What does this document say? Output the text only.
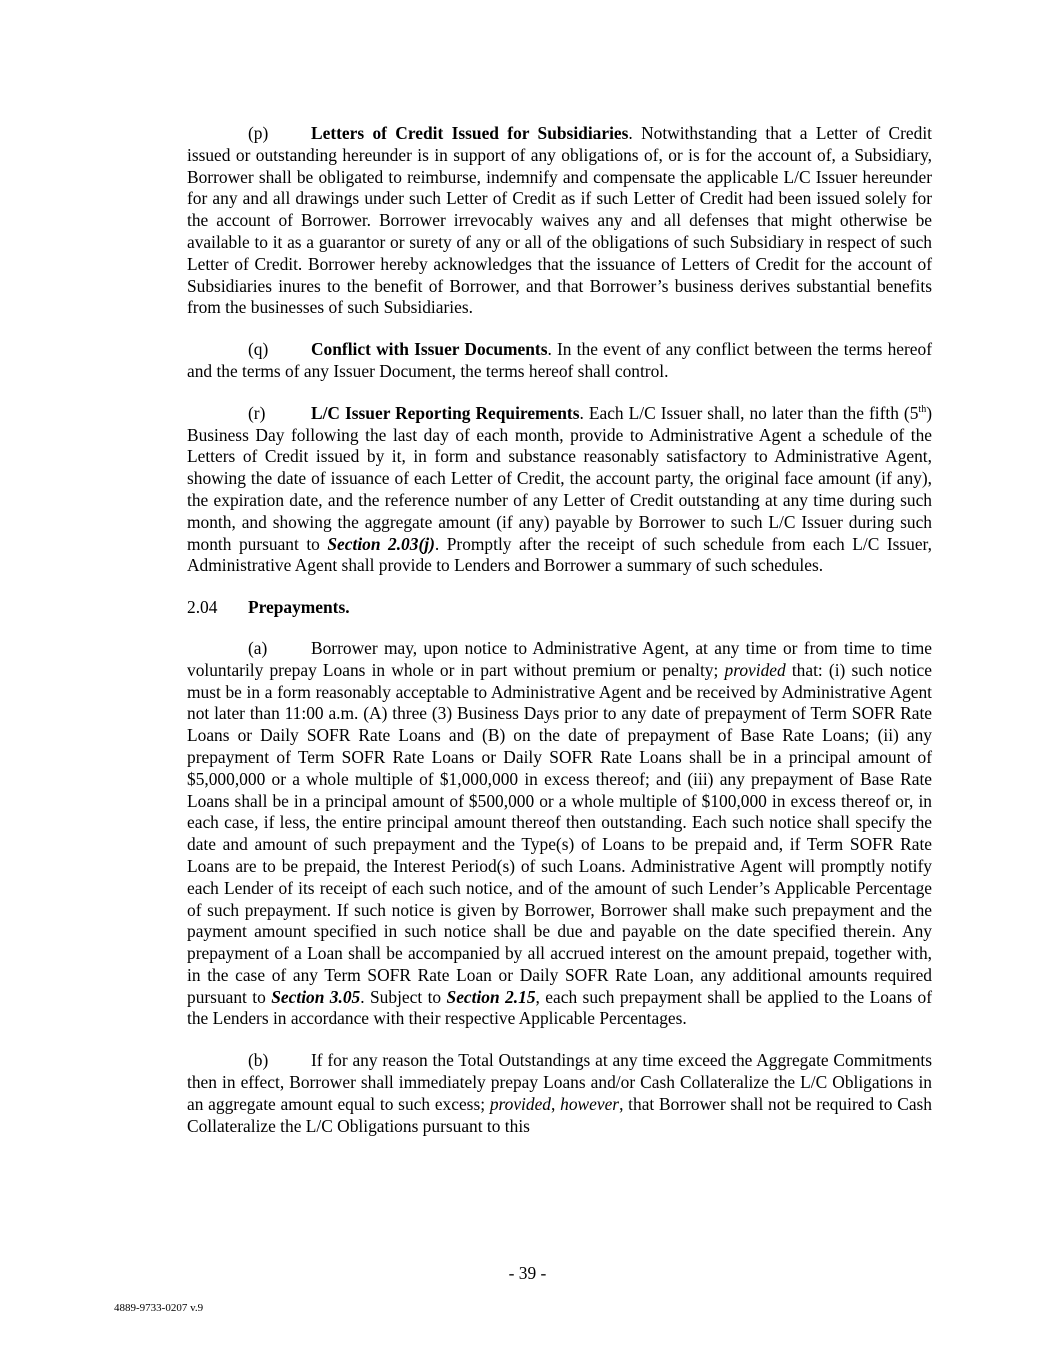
(p) Letters of Credit Issued for Subsidiaries. Notwithstanding that a Letter of Credit issued or outstanding hereunder is in support of any obligations of, or is for the account of, a Subsidiary, Borrower shall be obligated to reimburse, indemnify and compensate the applicable L/C Issuer hereunder for any and all drawings under such Letter of Credit as if such Letter of Credit had been issued solely for the account of Borrower. Borrower irrevocably waives any and all defenses that might otherwise be available to it as a guarantor or surety of any or all of the obligations of such Subsidiary in respect of such Letter of Credit. Borrower hereby acknowledges that the issuance of Letters of Credit for the account of Subsidiaries inures to the benefit of Borrower, and that Borrower’s business derives substantial benefits from the businesses of such Subsidiaries.

(q) Conflict with Issuer Documents. In the event of any conflict between the terms hereof and the terms of any Issuer Document, the terms hereof shall control.

(r)	L/C Issuer Reporting Requirements. Each L/C Issuer shall, no later than the fifth (5th) Business Day following the last day of each month, provide to Administrative Agent a schedule of the Letters of Credit issued by it, in form and substance reasonably satisfactory to Administrative Agent, showing the date of issuance of each Letter of Credit, the account party, the original face amount (if any), the expiration date, and the reference number of any Letter of Credit outstanding at any time during such month, and showing the aggregate amount (if any) payable by Borrower to such L/C Issuer during such month pursuant to Section 2.03(j). Promptly after the receipt of such schedule from each L/C Issuer, Administrative Agent shall provide to Lenders and Borrower a summary of such schedules.

2.04 Prepayments.

(a)	Borrower may, upon notice to Administrative Agent, at any time or from time to time voluntarily prepay Loans in whole or in part without premium or penalty; provided that: (i) such notice must be in a form reasonably acceptable to Administrative Agent and be received by Administrative Agent not later than 11:00 a.m. (A) three (3) Business Days prior to any date of prepayment of Term SOFR Rate Loans or Daily SOFR Rate Loans and (B) on the date of prepayment of Base Rate Loans; (ii) any prepayment of Term SOFR Rate Loans or Daily SOFR Rate Loans shall be in a principal amount of $5,000,000 or a whole multiple of $1,000,000 in excess thereof; and (iii) any prepayment of Base Rate Loans shall be in a principal amount of $500,000 or a whole multiple of $100,000 in excess thereof or, in each case, if less, the entire principal amount thereof then outstanding. Each such notice shall specify the date and amount of such prepayment and the Type(s) of Loans to be prepaid and, if Term SOFR Rate Loans are to be prepaid, the Interest Period(s) of such Loans. Administrative Agent will promptly notify each Lender of its receipt of each such notice, and of the amount of such Lender’s Applicable Percentage of such prepayment. If such notice is given by Borrower, Borrower shall make such prepayment and the payment amount specified in such notice shall be due and payable on the date specified therein. Any prepayment of a Loan shall be accompanied by all accrued interest on the amount prepaid, together with, in the case of any Term SOFR Rate Loan or Daily SOFR Rate Loan, any additional amounts required pursuant to Section 3.05. Subject to Section 2.15, each such prepayment shall be applied to the Loans of the Lenders in accordance with their respective Applicable Percentages.

(b) If for any reason the Total Outstandings at any time exceed the Aggregate Commitments then in effect, Borrower shall immediately prepay Loans and/or Cash Collateralize the L/C Obligations in an aggregate amount equal to such excess; provided, however, that Borrower shall not be required to Cash Collateralize the L/C Obligations pursuant to this

- 39 -
4889-9733-0207 v.9
